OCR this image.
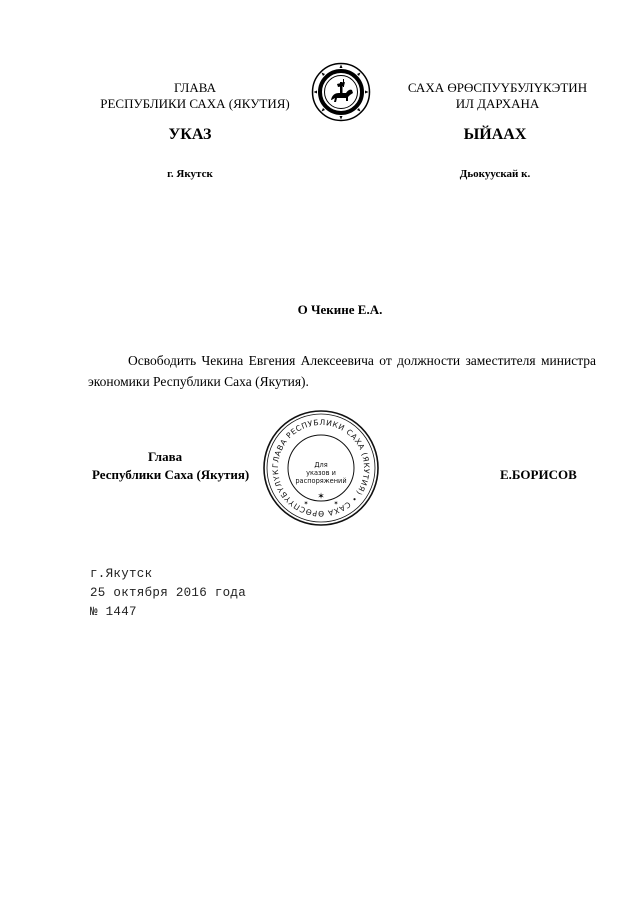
ГЛАВА
РЕСПУБЛИКИ САХА (ЯКУТИЯ)
САХА ӨРӨСПУҮБУЛҮКЭТИН
ИЛ ДАРХАНА
УКАЗ	ЫЙААХ
г. Якутск	Дьокуускай к.
О Чекине Е.А.
Освободить Чекина Евгения Алексеевича от должности заместителя министра экономики Республики Саха (Якутия).
ГЛАВА РЕСПУБЛИКИ САХА (ЯКУТИЯ) • САХА ӨРӨСПҮҮБҮЛҮК
Для
указов и
распоряжений
✶
✶	✶
Глава
Республики Саха (Якутия)	Е.БОРИСОВ
г.Якутск
25 октября 2016 года
№ 1447
